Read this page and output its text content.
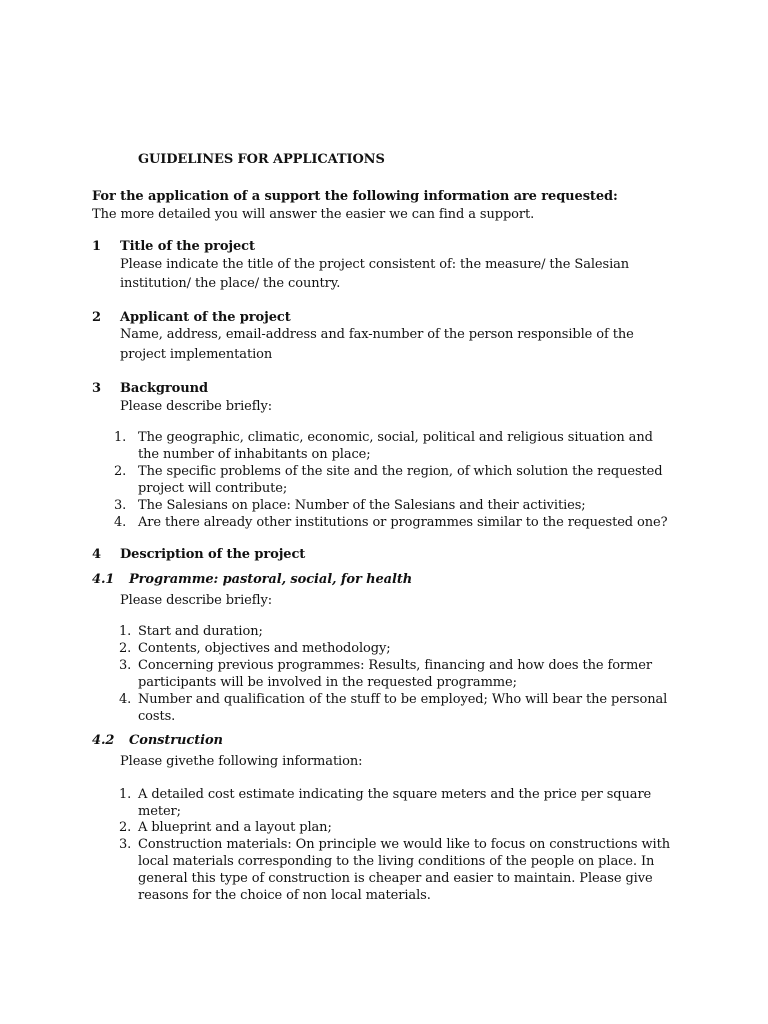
GUIDELINES FOR APPLICATIONS
For the application of a support the following information are requested:
The more detailed you will answer the easier we can find a support.
1 Title of the project
Please indicate the title of the project consistent of: the measure/ the Salesian
institution/ the place/ the country.
2 Applicant of the project
Name, address, email-address and fax-number of the person responsible of the
project implementation
3 Background
Please describe briefly:
1. The geographic, climatic, economic, social, political and religious situation and
the number of inhabitants on place;
2. The specific problems of the site and the region, of which solution the requested
project will contribute;
3. The Salesians on place: Number of the Salesians and their activities;
4. Are there already other institutions or programmes similar to the requested one?
4 Description of the project
4.1 Programme: pastoral, social, for health
Please describe briefly:
1. Start and duration;
2. Contents, objectives and methodology;
3. Concerning previous programmes: Results, financing and how does the former
participants will be involved in the requested programme;
4. Number and qualification of the stuff to be employed; Who will bear the personal
costs.
4.2 Construction
Please givethe following information:
1. A detailed cost estimate indicating the square meters and the price per square
meter;
2. A blueprint and a layout plan;
3. Construction materials: On principle we would like to focus on constructions with
local materials corresponding to the living conditions of the people on place. In
general this type of construction is cheaper and easier to maintain. Please give
reasons for the choice of non local materials.
